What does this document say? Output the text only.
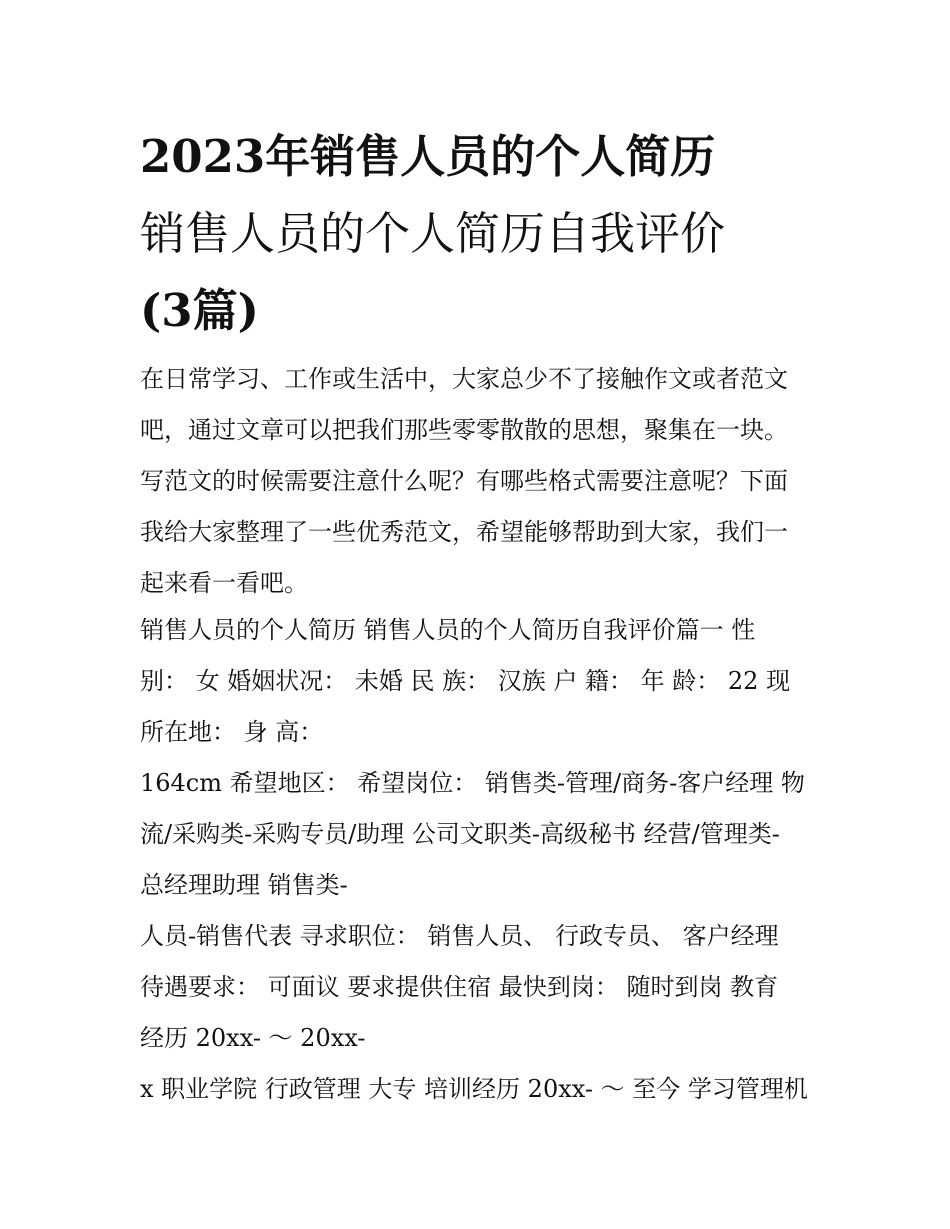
2023年销售人员的个人简历
销售人员的个人简历自我评价
(3篇)
在日常学习、工作或生活中，大家总少不了接触作文或者范文
吧，通过文章可以把我们那些零零散散的思想，聚集在一块。
写范文的时候需要注意什么呢？有哪些格式需要注意呢？下面
我给大家整理了一些优秀范文，希望能够帮助到大家，我们一
起来看一看吧。
销售人员的个人简历 销售人员的个人简历自我评价篇一 性
别： 女 婚姻状况： 未婚 民 族： 汉族 户 籍： 年 龄： 22 现
所在地： 身 高：
164cm 希望地区： 希望岗位： 销售类-管理/商务-客户经理 物
流/采购类-采购专员/助理 公司文职类-高级秘书 经营/管理类-
总经理助理 销售类-
人员-销售代表 寻求职位： 销售人员、 行政专员、 客户经理
待遇要求： 可面议 要求提供住宿 最快到岗： 随时到岗 教育
经历 20xx- ～ 20xx-
x 职业学院 行政管理 大专 培训经历 20xx- ～ 至今 学习管理机
